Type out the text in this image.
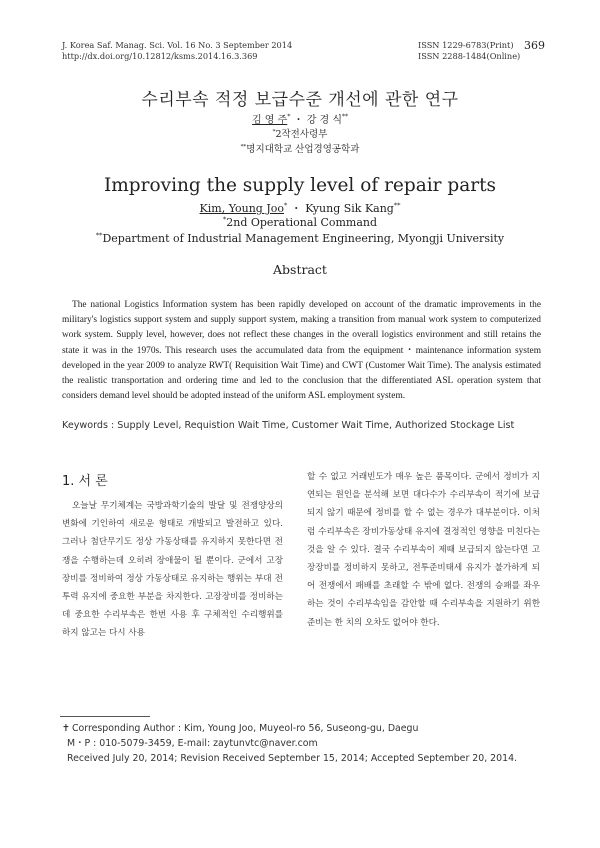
J. Korea Saf. Manag. Sci. Vol. 16 No. 3 September 2014
http://dx.doi.org/10.12812/ksms.2014.16.3.369
ISSN 1229-6783(Print)
ISSN 2288-1484(Online)
369
수리부속 적정 보급수준 개선에 관한 연구
김 영 주* ・ 강 경 식**
*2작전사령부
**명지대학교 산업경영공학과
Improving the supply level of repair parts
Kim, Young Joo* ・ Kyung Sik Kang**
*2nd Operational Command
**Department of Industrial Management Engineering, Myongji University
Abstract
The national Logistics Information system has been rapidly developed on account of the dramatic improvements in the military's logistics support system and supply support system, making a transition from manual work system to computerized work system. Supply level, however, does not reflect these changes in the overall logistics environment and still retains the state it was in the 1970s. This research uses the accumulated data from the equipment・maintenance information system developed in the year 2009 to analyze RWT( Requisition Wait Time) and CWT (Customer Wait Time). The analysis estimated the realistic transportation and ordering time and led to the conclusion that the differentiated ASL operation system that considers demand level should be adopted instead of the uniform ASL employment system.
Keywords : Supply Level, Requistion Wait Time, Customer Wait Time, Authorized Stockage List
1. 서 론
오늘날 무기체계는 국방과학기술의 발달 및 전쟁양상의 변화에 기인하여 새로운 형태로 개발되고 발전하고 있다. 그러나 첨단무기도 정상 가동상태를 유지하지 못한다면 전쟁을 수행하는데 오히려 장애물이 될 뿐이다. 군에서 고장장비를 정비하여 정상 가동상태로 유지하는 행위는 부대 전투력 유지에 중요한 부분을 차지한다. 고장장비를 정비하는데 중요한 수리부속은 한번 사용 후 구체적인 수리행위를 하지 않고는 다시 사용
할 수 없고 거래빈도가 매우 높은 품목이다. 군에서 정비가 지연되는 원인을 분석해 보면 대다수가 수리부속이 적기에 보급되지 않기 때문에 정비를 할 수 없는 경우가 대부분이다. 이처럼 수리부속은 장비가동상태 유지에 결정적인 영향을 미친다는 것을 알 수 있다. 결국 수리부속이 제때 보급되지 않는다면 고장장비를 정비하지 못하고, 전투준비태세 유지가 불가하게 되어 전쟁에서 패배를 초래할 수 밖에 없다. 전쟁의 승패를 좌우하는 것이 수리부속임을 감안할 때 수리부속을 지원하기 위한 준비는 한 치의 오차도 없어야 한다.
✝ Corresponding Author : Kim, Young Joo, Muyeol-ro 56, Suseong-gu, Daegu
M・P : 010-5079-3459, E-mail: zaytunvtc@naver.com
Received July 20, 2014; Revision Received September 15, 2014; Accepted September 20, 2014.
